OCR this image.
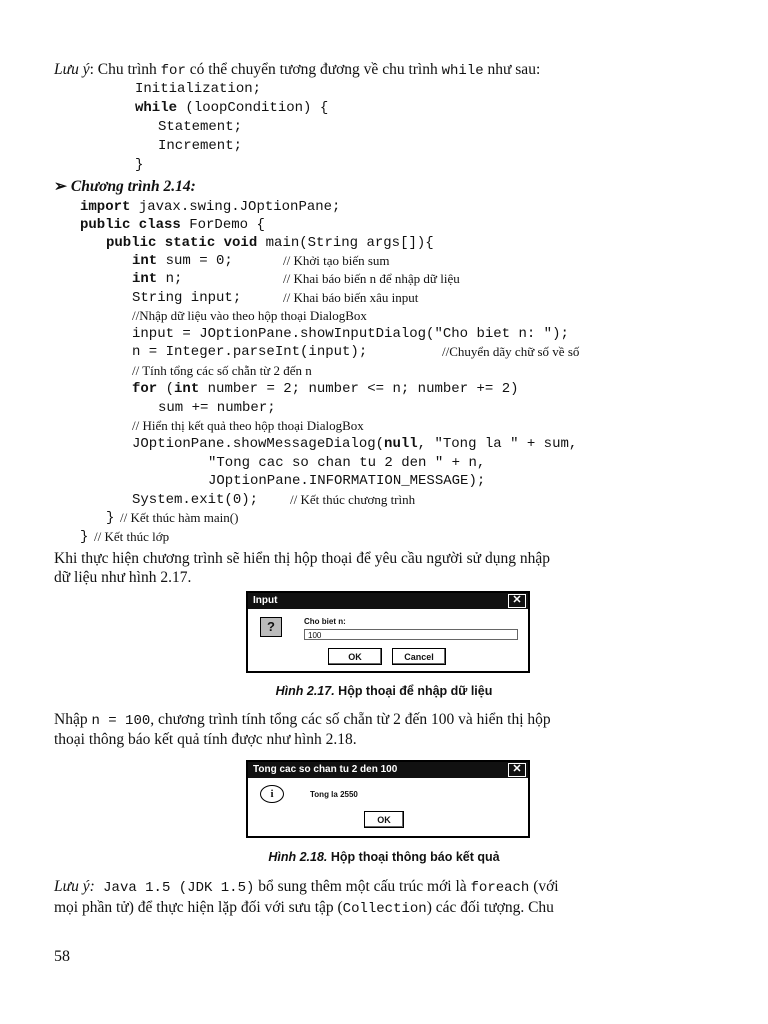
Lưu ý: Chu trình for có thể chuyển tương đương về chu trình while như sau:
Initialization;
while (loopCondition) {
Statement;
Increment;
}
➢ Chương trình 2.14:
import javax.swing.JOptionPane;
public class ForDemo {
public static void main(String args[]){
int sum = 0;	// Khởi tạo biến sum
int n;	// Khai báo biến n để nhập dữ liệu
String input;	// Khai báo biến xâu input
//Nhập dữ liệu vào theo hộp thoại DialogBox
input = JOptionPane.showInputDialog("Cho biet n: ");
n = Integer.parseInt(input);	//Chuyển dãy chữ số về số
// Tính tổng các số chẵn từ 2 đến n
for (int number = 2; number <= n; number += 2)
sum += number;
// Hiển thị kết quả theo hộp thoại DialogBox
JOptionPane.showMessageDialog(null, "Tong la " + sum,
"Tong cac so chan tu 2 den " + n,
JOptionPane.INFORMATION_MESSAGE);
System.exit(0); // Kết thúc chương trình
} // Kết thúc hàm main()
} // Kết thúc lớp
Khi thực hiện chương trình sẽ hiển thị hộp thoại để yêu cầu người sử dụng nhập
dữ liệu như hình 2.17.
Input	✕
?	Cho biet n:
100
OK	Cancel
Hình 2.17. Hộp thoại để nhập dữ liệu
Nhập n = 100, chương trình tính tổng các số chẵn từ 2 đến 100 và hiển thị hộp
thoại thông báo kết quả tính được như hình 2.18.
Tong cac so chan tu 2 den 100	✕
i	Tong la 2550
OK
Hình 2.18. Hộp thoại thông báo kết quả
Lưu ý: Java 1.5 (JDK 1.5) bổ sung thêm một cấu trúc mới là foreach (với
mọi phần tử) để thực hiện lặp đối với sưu tập (Collection) các đối tượng. Chu
58
